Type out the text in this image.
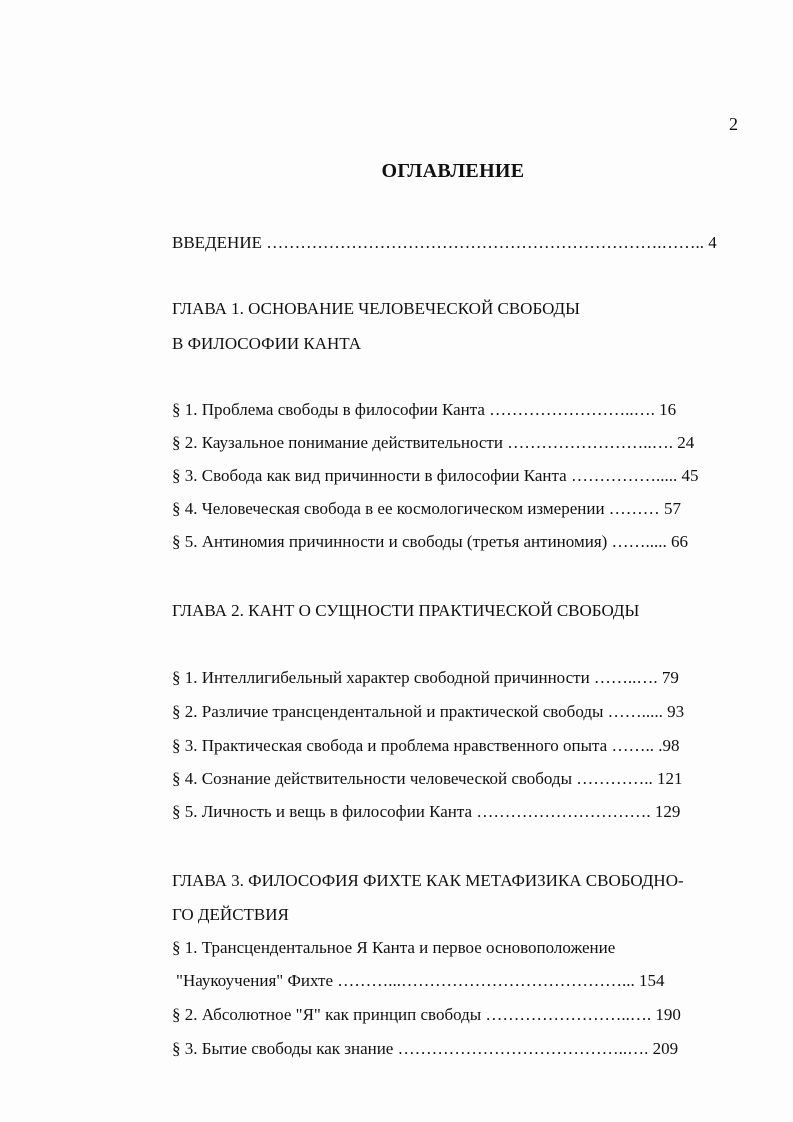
2
ОГЛАВЛЕНИЕ
ВВЕДЕНИЕ …………………………………………………………….…….. 4
ГЛАВА 1. ОСНОВАНИЕ ЧЕЛОВЕЧЕСКОЙ СВОБОДЫ
В ФИЛОСОФИИ КАНТА
§ 1. Проблема свободы в философии Канта ……………………..…. 16
§ 2. Каузальное понимание действительности ……………………..…. 24
§ 3. Свобода как вид причинности в философии Канта ……………..... 45
§ 4. Человеческая свобода в ее космологическом измерении ……… 57
§ 5. Антиномия причинности и свободы (третья антиномия) ……..... 66
ГЛАВА 2. КАНТ О СУЩНОСТИ ПРАКТИЧЕСКОЙ СВОБОДЫ
§ 1. Интеллигибельный характер свободной причинности ……..…. 79
§ 2. Различие трансцендентальной и практической свободы ……..... 93
§ 3. Практическая свобода и проблема нравственного опыта …….. .98
§ 4. Сознание действительности человеческой свободы ………….. 121
§ 5. Личность и вещь в философии Канта …………………………. 129
ГЛАВА 3. ФИЛОСОФИЯ ФИХТЕ КАК МЕТАФИЗИКА СВОБОДНО-
ГО ДЕЙСТВИЯ
§ 1. Трансцендентальное Я Канта и первое основоположение
"Наукоучения" Фихте ………...…………………………………... 154
§ 2. Абсолютное "Я" как принцип свободы ……………………..…. 190
§ 3. Бытие свободы как знание …………………………………..…. 209
